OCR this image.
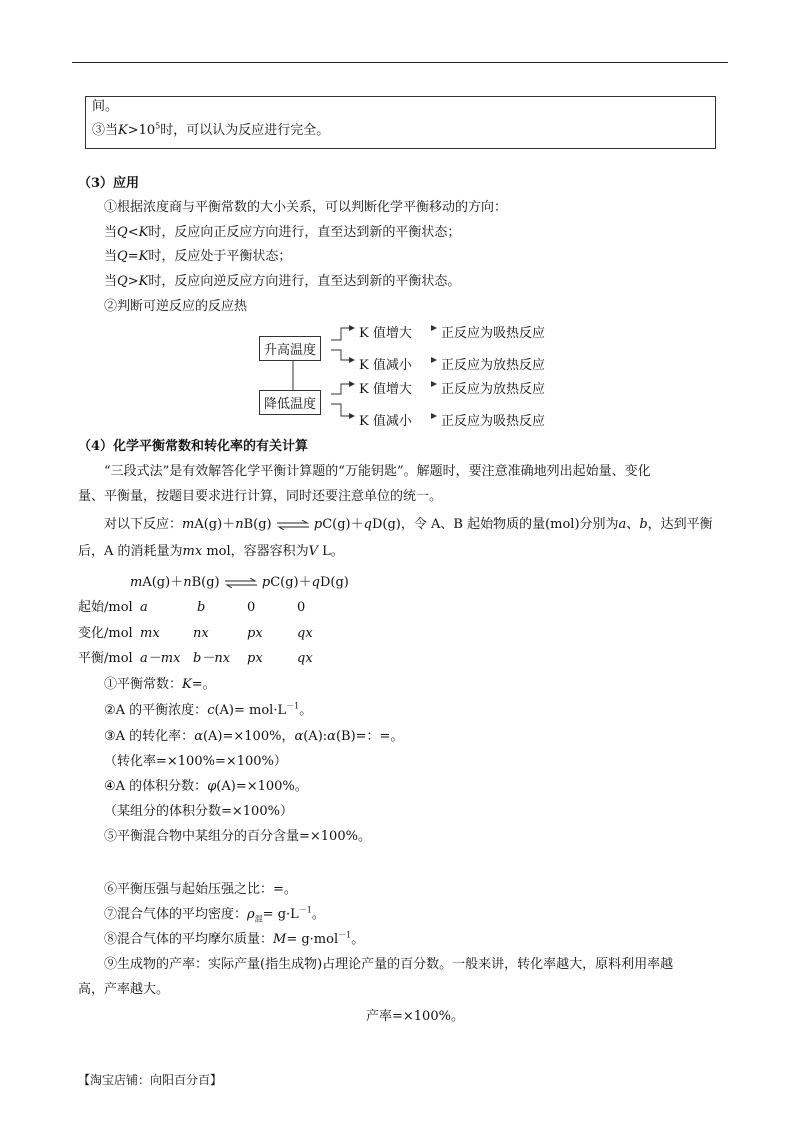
间。
③当$K>10^5$时，可以认为反应进行完全。
（3）应用
①根据浓度商与平衡常数的大小关系，可以判断化学平衡移动的方向：
当Q<K时，反应向正反应方向进行，直至达到新的平衡状态；
当Q=K时，反应处于平衡状态；
当Q>K时，反应向逆反应方向进行，直至达到新的平衡状态。
②判断可逆反应的反应热
升高温度
降低温度
K 值增大
K 值减小
K 值增大
K 值减小
正反应为吸热反应
正反应为放热反应
正反应为放热反应
正反应为吸热反应
（4）化学平衡常数和转化率的有关计算
“三段式法”是有效解答化学平衡计算题的“万能钥匙”。解题时，要注意准确地列出起始量、变化
量、平衡量，按题目要求进行计算，同时还要注意单位的统一。
对以下反应：mA(g)＋nB(g) ⇌ pC(g)＋qD(g)，令 A、B 起始物质的量(mol)分别为a、b，达到平衡
后，A 的消耗量为mx mol，容器容积为V L。
mA(g)＋nB(g) ⇌ pC(g)＋qD(g)
起始/mol a	b	0	0
变化/mol mx	nx	px	qx
平衡/mol a－mx b－nx px	qx
①平衡常数：K=。
②A 的平衡浓度：$c(A)= mol\cdot L^{-1}$。
③A 的转化率：α(A)=×100%，α(A):α(B)=：=。
（转化率=×100%=×100%）
④A 的体积分数：φ(A)=×100%。
（某组分的体积分数=×100%）
⑤平衡混合物中某组分的百分含量=×100%。
⑥平衡压强与起始压强之比：=。
⑦混合气体的平均密度：$\rho_混= g\cdot L^{-1}$。
⑧混合气体的平均摩尔质量：M= g·mol$^{-1}$。
⑨生成物的产率：实际产量(指生成物)占理论产量的百分数。一般来讲，转化率越大，原料利用率越
高，产率越大。
产率=×100%。
【淘宝店铺：向阳百分百】
